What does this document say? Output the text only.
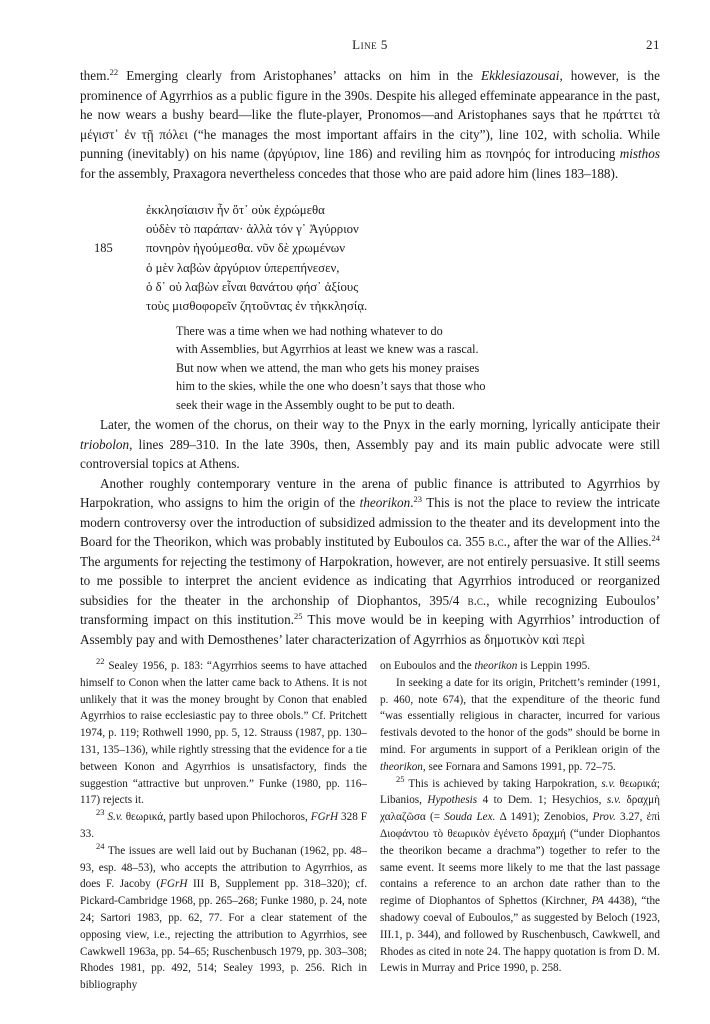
Line 5	21

them.$^{22}$ Emerging clearly from Aristophanes’ attacks on him in the Ekklesiazousai, however, is the prominence of Agyrrhios as a public figure in the 390s. Despite his alleged effeminate appearance in the past, he now wears a bushy beard—like the flute-player, Pronomos—and Aristophanes says that he πράττει τὰ μέγιστ᾽ ἐν τῇ πόλει (“he manages the most important affairs in the city”), line 102, with scholia. While punning (inevitably) on his name (ἀργύριον, line 186) and reviling him as πονηρός for introducing misthos for the assembly, Praxagora nevertheless concedes that those who are paid adore him (lines 183–188).

ἐκκλησίαισιν ἦν ὅτ᾽ οὐκ ἐχρώμεθα
οὐδὲν τὸ παράπαν· ἀλλὰ τόν γ᾽ Ἀγύρριον
185	πονηρὸν ἡγούμεσθα. νῦν δὲ χρωμένων
ὁ μὲν λαβὼν ἀργύριον ὑπερεπήνεσεν,
ὁ δ᾽ οὐ λαβὼν εἶναι θανάτου φήσ᾽ ἀξίους
τοὺς μισθοφορεῖν ζητοῦντας ἐν τἠκκλησίᾳ.
There was a time when we had nothing whatever to do
with Assemblies, but Agyrrhios at least we knew was a rascal.
But now when we attend, the man who gets his money praises
him to the skies, while the one who doesn’t says that those who
seek their wage in the Assembly ought to be put to death.

Later, the women of the chorus, on their way to the Pnyx in the early morning, lyrically anticipate their triobolon, lines 289–310. In the late 390s, then, Assembly pay and its main public advocate were still controversial topics at Athens.

Another roughly contemporary venture in the arena of public finance is attributed to Agyrrhios by Harpokration, who assigns to him the origin of the theorikon.$^{23}$ This is not the place to review the intricate modern controversy over the introduction of subsidized admission to the theater and its development into the Board for the Theorikon, which was probably instituted by Euboulos ca. 355 b.c., after the war of the Allies.$^{24}$ The arguments for rejecting the testimony of Harpokration, however, are not entirely persuasive. It still seems to me possible to interpret the ancient evidence as indicating that Agyrrhios introduced or reorganized subsidies for the theater in the archonship of Diophantos, 395/4 b.c., while recognizing Euboulos’ transforming impact on this institution.$^{25}$ This move would be in keeping with Agyrrhios’ introduction of Assembly pay and with Demosthenes’ later characterization of Agyrrhios as δημοτικὸν καὶ περὶ

$^{22}$ Sealey 1956, p. 183: “Agyrrhios seems to have attached himself to Conon when the latter came back to Athens. It is not unlikely that it was the money brought by Conon that enabled Agyrrhios to raise ecclesiastic pay to three obols.” Cf. Pritchett 1974, p. 119; Rothwell 1990, pp. 5, 12. Strauss (1987, pp. 130–131, 135–136), while rightly stressing that the evidence for a tie between Konon and Agyrrhios is unsatisfactory, finds the suggestion “attractive but unproven.” Funke (1980, pp. 116–117) rejects it.

$^{23}$ S.v. θεωρικά, partly based upon Philochoros, FGrH 328 F 33.

$^{24}$ The issues are well laid out by Buchanan (1962, pp. 48–93, esp. 48–53), who accepts the attribution to Agyrrhios, as does F. Jacoby (FGrH III B, Supplement pp. 318–320); cf. Pickard-Cambridge 1968, pp. 265–268; Funke 1980, p. 24, note 24; Sartori 1983, pp. 62, 77. For a clear statement of the opposing view, i.e., rejecting the attribution to Agyrrhios, see Cawkwell 1963a, pp. 54–65; Ruschenbusch 1979, pp. 303–308; Rhodes 1981, pp. 492, 514; Sealey 1993, p. 256. Rich in bibliography

on Euboulos and the theorikon is Leppin 1995.

In seeking a date for its origin, Pritchett’s reminder (1991, p. 460, note 674), that the expenditure of the theoric fund “was essentially religious in character, incurred for various festivals devoted to the honor of the gods” should be borne in mind. For arguments in support of a Periklean origin of the theorikon, see Fornara and Samons 1991, pp. 72–75.

$^{25}$ This is achieved by taking Harpokration, s.v. θεωρικά; Libanios, Hypothesis 4 to Dem. 1; Hesychios, s.v. δραχμὴ χαλαζῶσα (= Souda Lex. Δ 1491); Zenobios, Prov. 3.27, ἐπὶ Διοφάντου τὸ θεωρικὸν ἐγένετο δραχμή (“under Diophantos the theorikon became a drachma”) together to refer to the same event. It seems more likely to me that the last passage contains a reference to an archon date rather than to the regime of Diophantos of Sphettos (Kirchner, PA 4438), “the shadowy coeval of Euboulos,” as suggested by Beloch (1923, III.1, p. 344), and followed by Ruschenbusch, Cawkwell, and Rhodes as cited in note 24. The happy quotation is from D. M. Lewis in Murray and Price 1990, p. 258.
